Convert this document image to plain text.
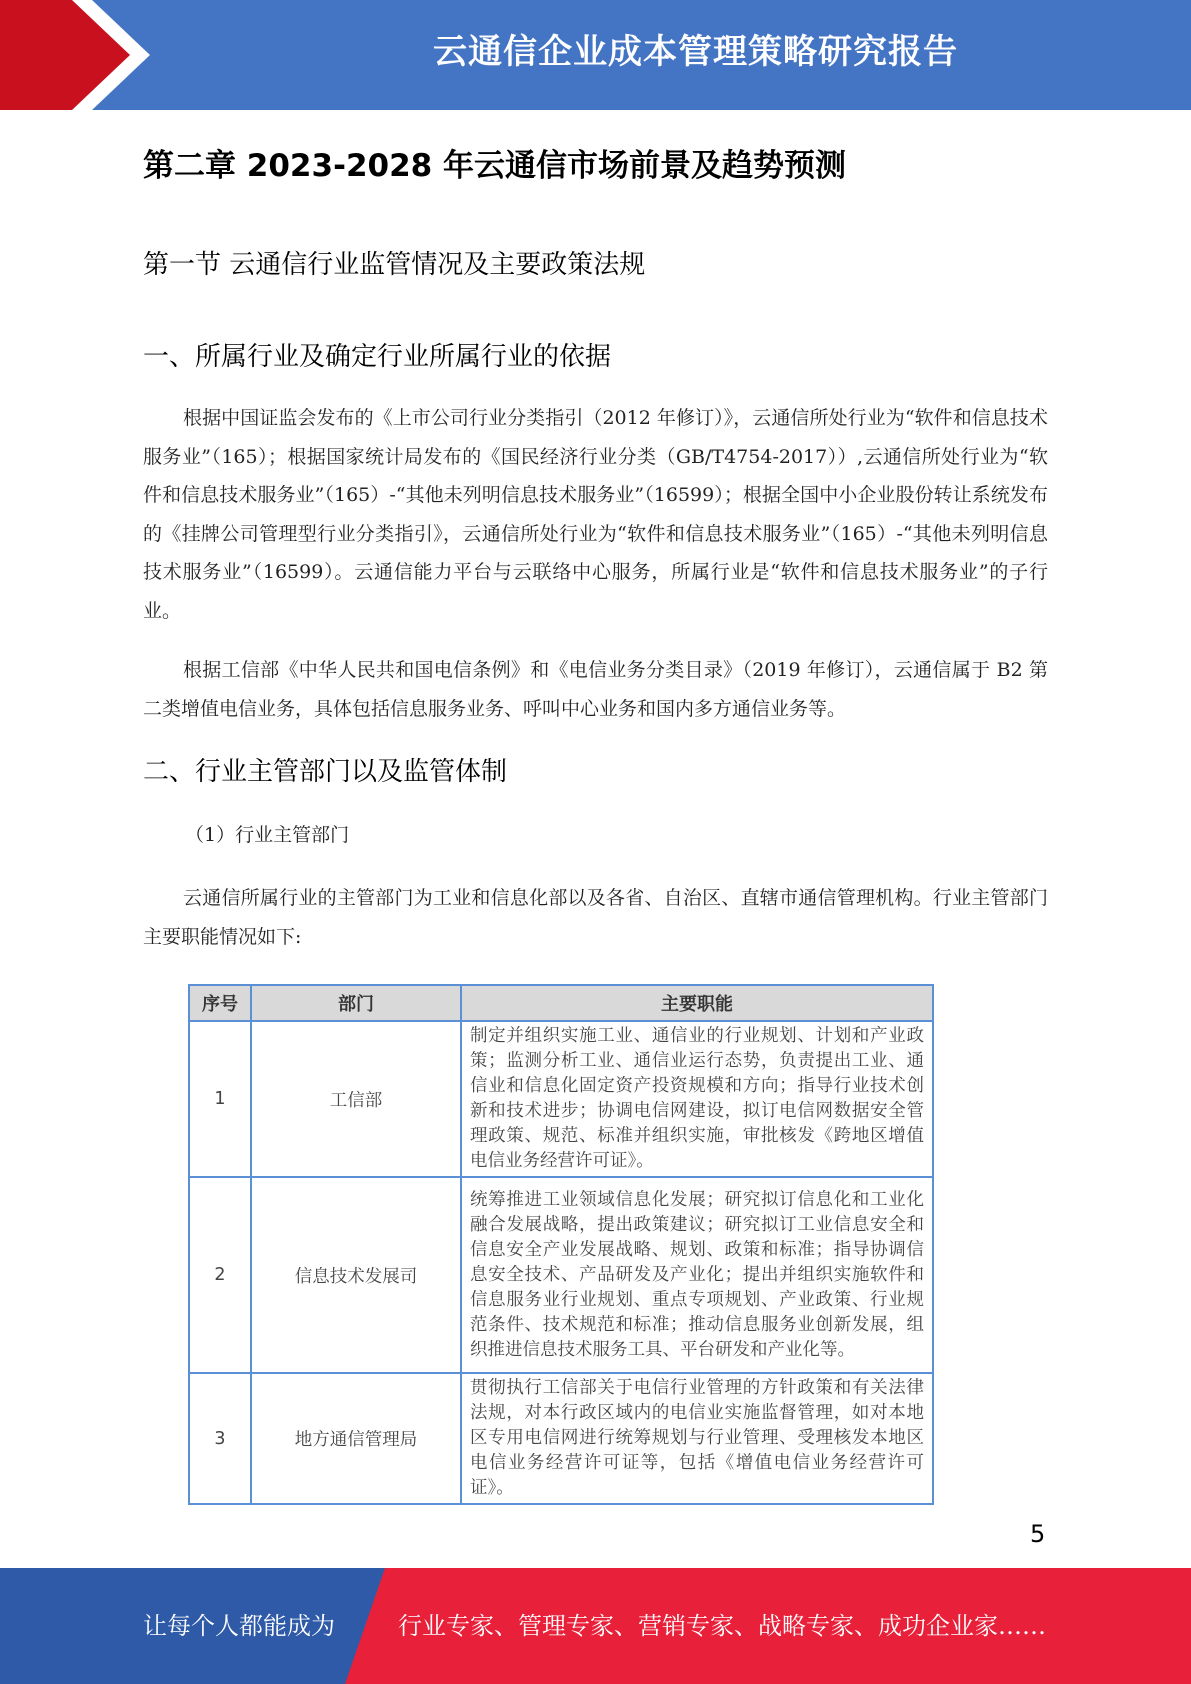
云通信企业成本管理策略研究报告
第二章 2023-2028 年云通信市场前景及趋势预测
第一节 云通信行业监管情况及主要政策法规
一、所属行业及确定行业所属行业的依据
根据中国证监会发布的《上市公司行业分类指引（2012 年修订）》，云通信所处行业为“软件和信息技术服务业”（165）；根据国家统计局发布的《国民经济行业分类（GB/T4754-2017））,云通信所处行业为“软件和信息技术服务业”（165）-“其他未列明信息技术服务业”（16599）；根据全国中小企业股份转让系统发布的《挂牌公司管理型行业分类指引》，云通信所处行业为“软件和信息技术服务业”（165）-“其他未列明信息技术服务业”（16599）。云通信能力平台与云联络中心服务，所属行业是“软件和信息技术服务业”的子行业。
根据工信部《中华人民共和国电信条例》和《电信业务分类目录》（2019 年修订），云通信属于 B2 第二类增值电信业务，具体包括信息服务业务、呼叫中心业务和国内多方通信业务等。
二、行业主管部门以及监管体制
（1）行业主管部门
云通信所属行业的主管部门为工业和信息化部以及各省、自治区、直辖市通信管理机构。行业主管部门主要职能情况如下:
序号	部门	主要职能
1	工信部	制定并组织实施工业、通信业的行业规划、计划和产业政策；监测分析工业、通信业运行态势，负责提出工业、通信业和信息化固定资产投资规模和方向；指导行业技术创新和技术进步；协调电信网建设，拟订电信网数据安全管理政策、规范、标准并组织实施，审批核发《跨地区增值电信业务经营许可证》。
2	信息技术发展司	统筹推进工业领域信息化发展；研究拟订信息化和工业化融合发展战略，提出政策建议；研究拟订工业信息安全和信息安全产业发展战略、规划、政策和标准；指导协调信息安全技术、产品研发及产业化；提出并组织实施软件和信息服务业行业规划、重点专项规划、产业政策、行业规范条件、技术规范和标准；推动信息服务业创新发展，组织推进信息技术服务工具、平台研发和产业化等。
3	地方通信管理局	贯彻执行工信部关于电信行业管理的方针政策和有关法律法规，对本行政区域内的电信业实施监督管理，如对本地区专用电信网进行统筹规划与行业管理、受理核发本地区电信业务经营许可证等，包括《增值电信业务经营许可证》。
5
让每个人都能成为	行业专家、管理专家、营销专家、战略专家、成功企业家……
